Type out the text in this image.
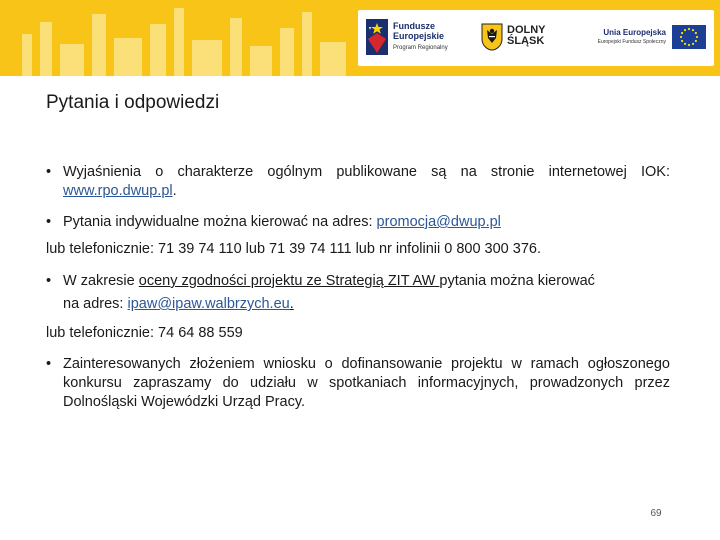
Fundusze
Europejskie
Program Regionalny
DOLNY
ŚLĄSK
Unia Europejska
Europejski Fundusz Społeczny
Pytania i odpowiedzi
• Wyjaśnienia o charakterze ogólnym publikowane są na stronie internetowej IOK: www.rpo.dwup.pl.
• Pytania indywidualne można kierować na adres: promocja@dwup.pl
lub telefonicznie: 71 39 74 110 lub 71 39 74 111 lub nr infolinii 0 800 300 376.
• W zakresie oceny zgodności projektu ze Strategią ZIT AW pytania można kierować
na adres: ipaw@ipaw.walbrzych.eu.
lub telefonicznie: 74 64 88 559
• Zainteresowanych złożeniem wniosku o dofinansowanie projektu w ramach ogłoszonego konkursu zapraszamy do udziału w spotkaniach informacyjnych, prowadzonych przez Dolnośląski Wojewódzki Urząd Pracy.
69
